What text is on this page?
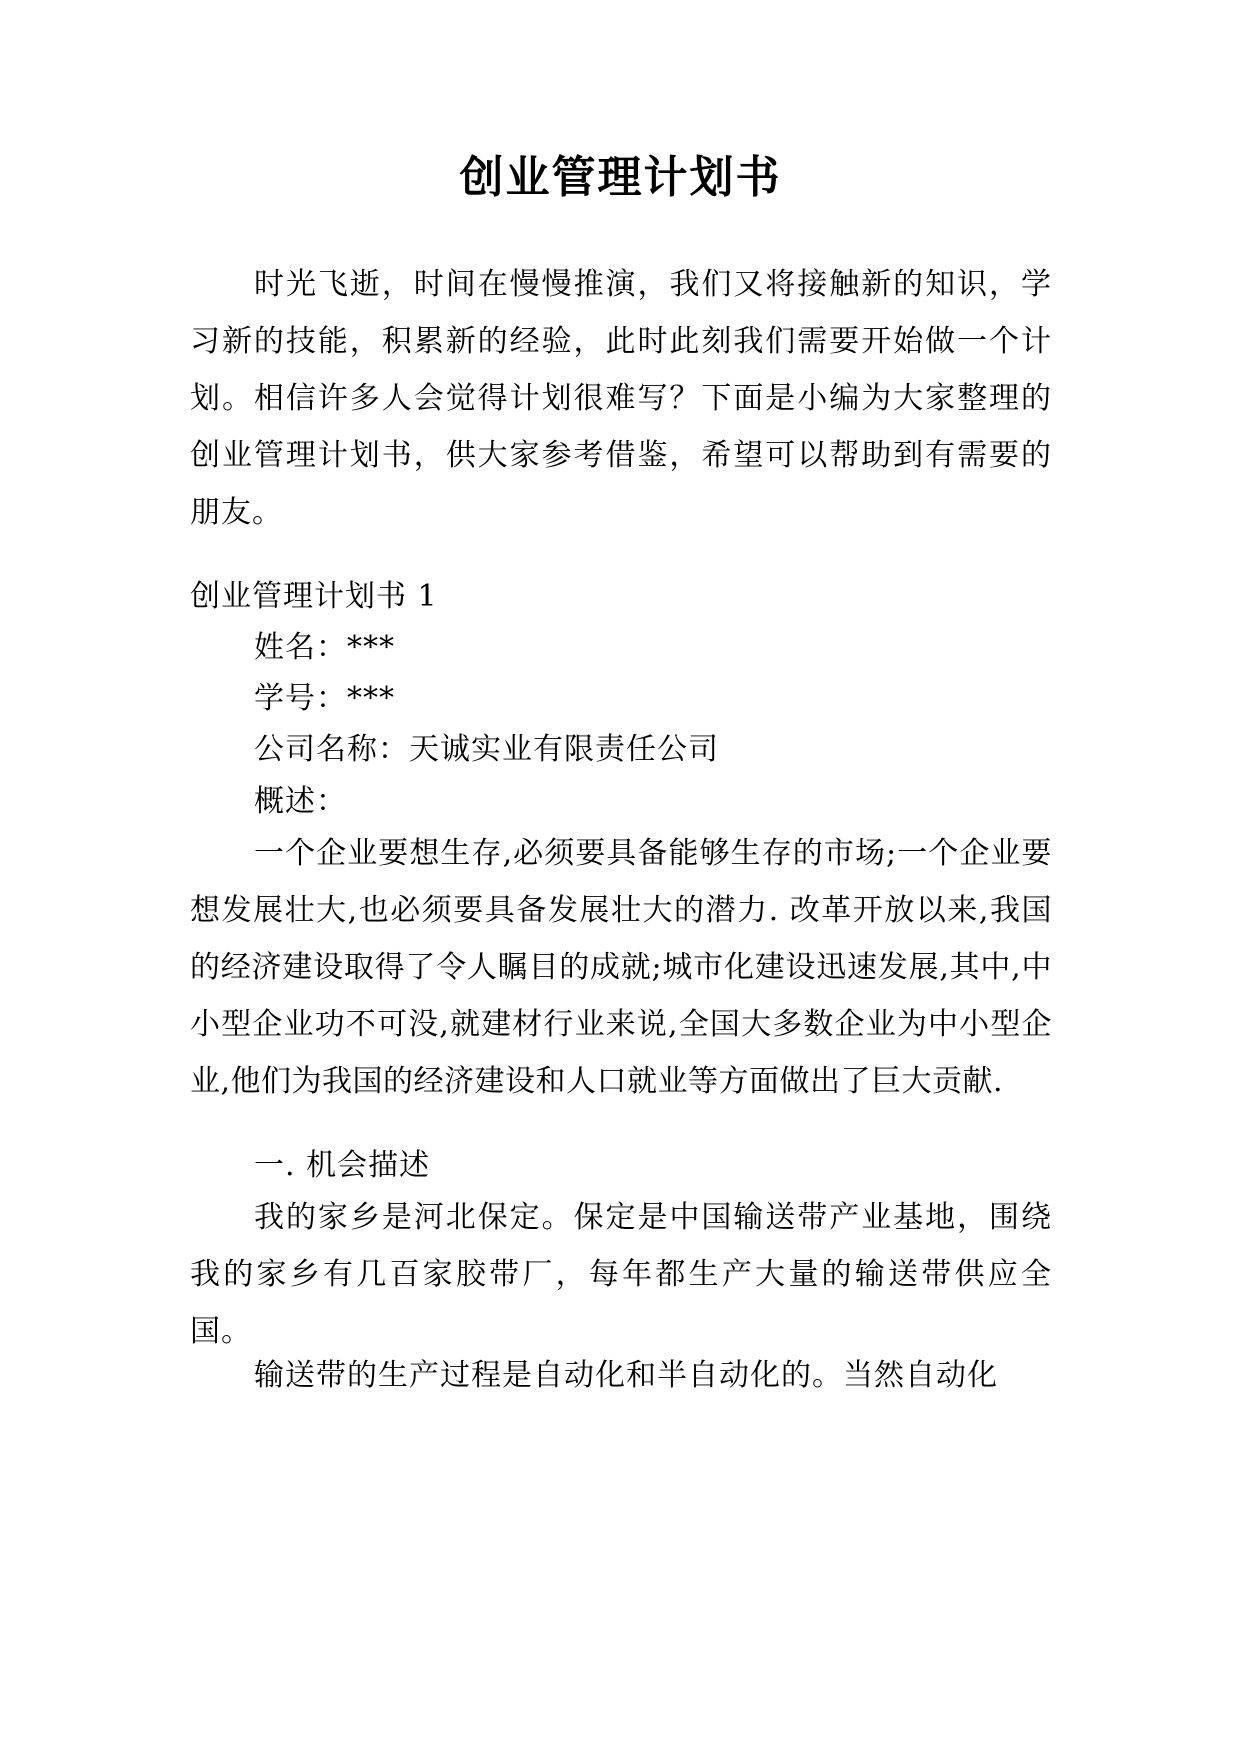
创业管理计划书

时光飞逝，时间在慢慢推演，我们又将接触新的知识，学习新的技能，积累新的经验，此时此刻我们需要开始做一个计划。相信许多人会觉得计划很难写？下面是小编为大家整理的创业管理计划书，供大家参考借鉴，希望可以帮助到有需要的朋友。

创业管理计划书 1

姓名：***

学号：***

公司名称：天诚实业有限责任公司

概述：

一个企业要想生存,必须要具备能够生存的市场;一个企业要想发展壮大,也必须要具备发展壮大的潜力. 改革开放以来,我国的经济建设取得了令人瞩目的成就;城市化建设迅速发展,其中,中小型企业功不可没,就建材行业来说,全国大多数企业为中小型企业,他们为我国的经济建设和人口就业等方面做出了巨大贡献.

一. 机会描述

我的家乡是河北保定。保定是中国输送带产业基地，围绕我的家乡有几百家胶带厂，每年都生产大量的输送带供应全国。

输送带的生产过程是自动化和半自动化的。当然自动化
